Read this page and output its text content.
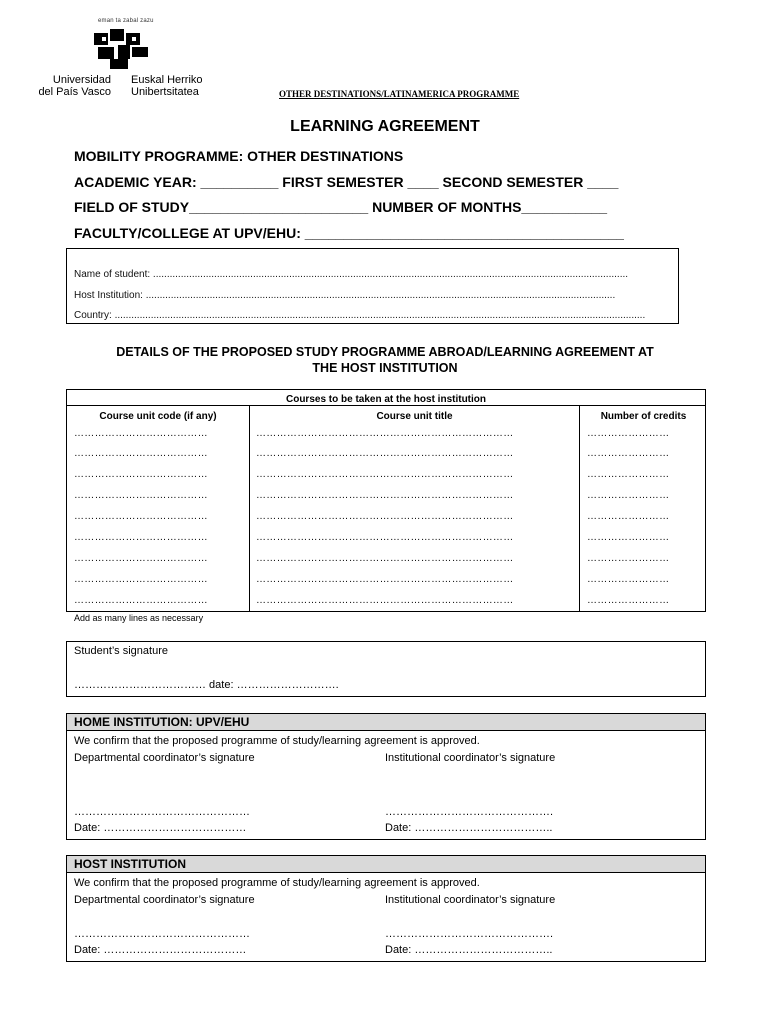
eman ta zabal zazu
Universidad
del País Vasco
Euskal Herriko
Unibertsitatea	OTHER DESTINATIONS/LATINAMERICA PROGRAMME
LEARNING AGREEMENT
MOBILITY PROGRAMME: OTHER DESTINATIONS
ACADEMIC YEAR: __________ FIRST SEMESTER ____ SECOND SEMESTER ____
FIELD OF STUDY_______________________ NUMBER OF MONTHS___________
FACULTY/COLLEGE AT UPV/EHU: _________________________________________
Name of student: ...........................................................................................................................................................................
Host Institution: .........................................................................................................................................................................
Country: ...............................................................................................................................................................................................
DETAILS OF THE PROPOSED STUDY PROGRAMME ABROAD/LEARNING AGREEMENT AT
THE HOST INSTITUTION
Courses to be taken at the host institution
Course unit code (if any)	Course unit title	Number of credits
…………………………………	…………………………………………………………………	……………………
…………………………………	…………………………………………………………………	……………………
…………………………………	…………………………………………………………………	……………………
…………………………………	…………………………………………………………………	……………………
…………………………………	…………………………………………………………………	……………………
…………………………………	…………………………………………………………………	……………………
…………………………………	…………………………………………………………………	……………………
…………………………………	…………………………………………………………………	……………………
…………………………………	…………………………………………………………………	……………………
Add as many lines as necessary
Student’s signature
……………………………… date: ……………………….
HOME INSTITUTION: UPV/EHU
We confirm that the proposed programme of study/learning agreement is approved.
Departmental coordinator’s signature	Institutional coordinator’s signature
…………………………………………	……………………………………….
Date: …………………………………	Date: ………………………………..
HOST INSTITUTION
We confirm that the proposed programme of study/learning agreement is approved.
Departmental coordinator’s signature	Institutional coordinator’s signature
…………………………………………	……………………………………….
Date: …………………………………	Date: ………………………………..
